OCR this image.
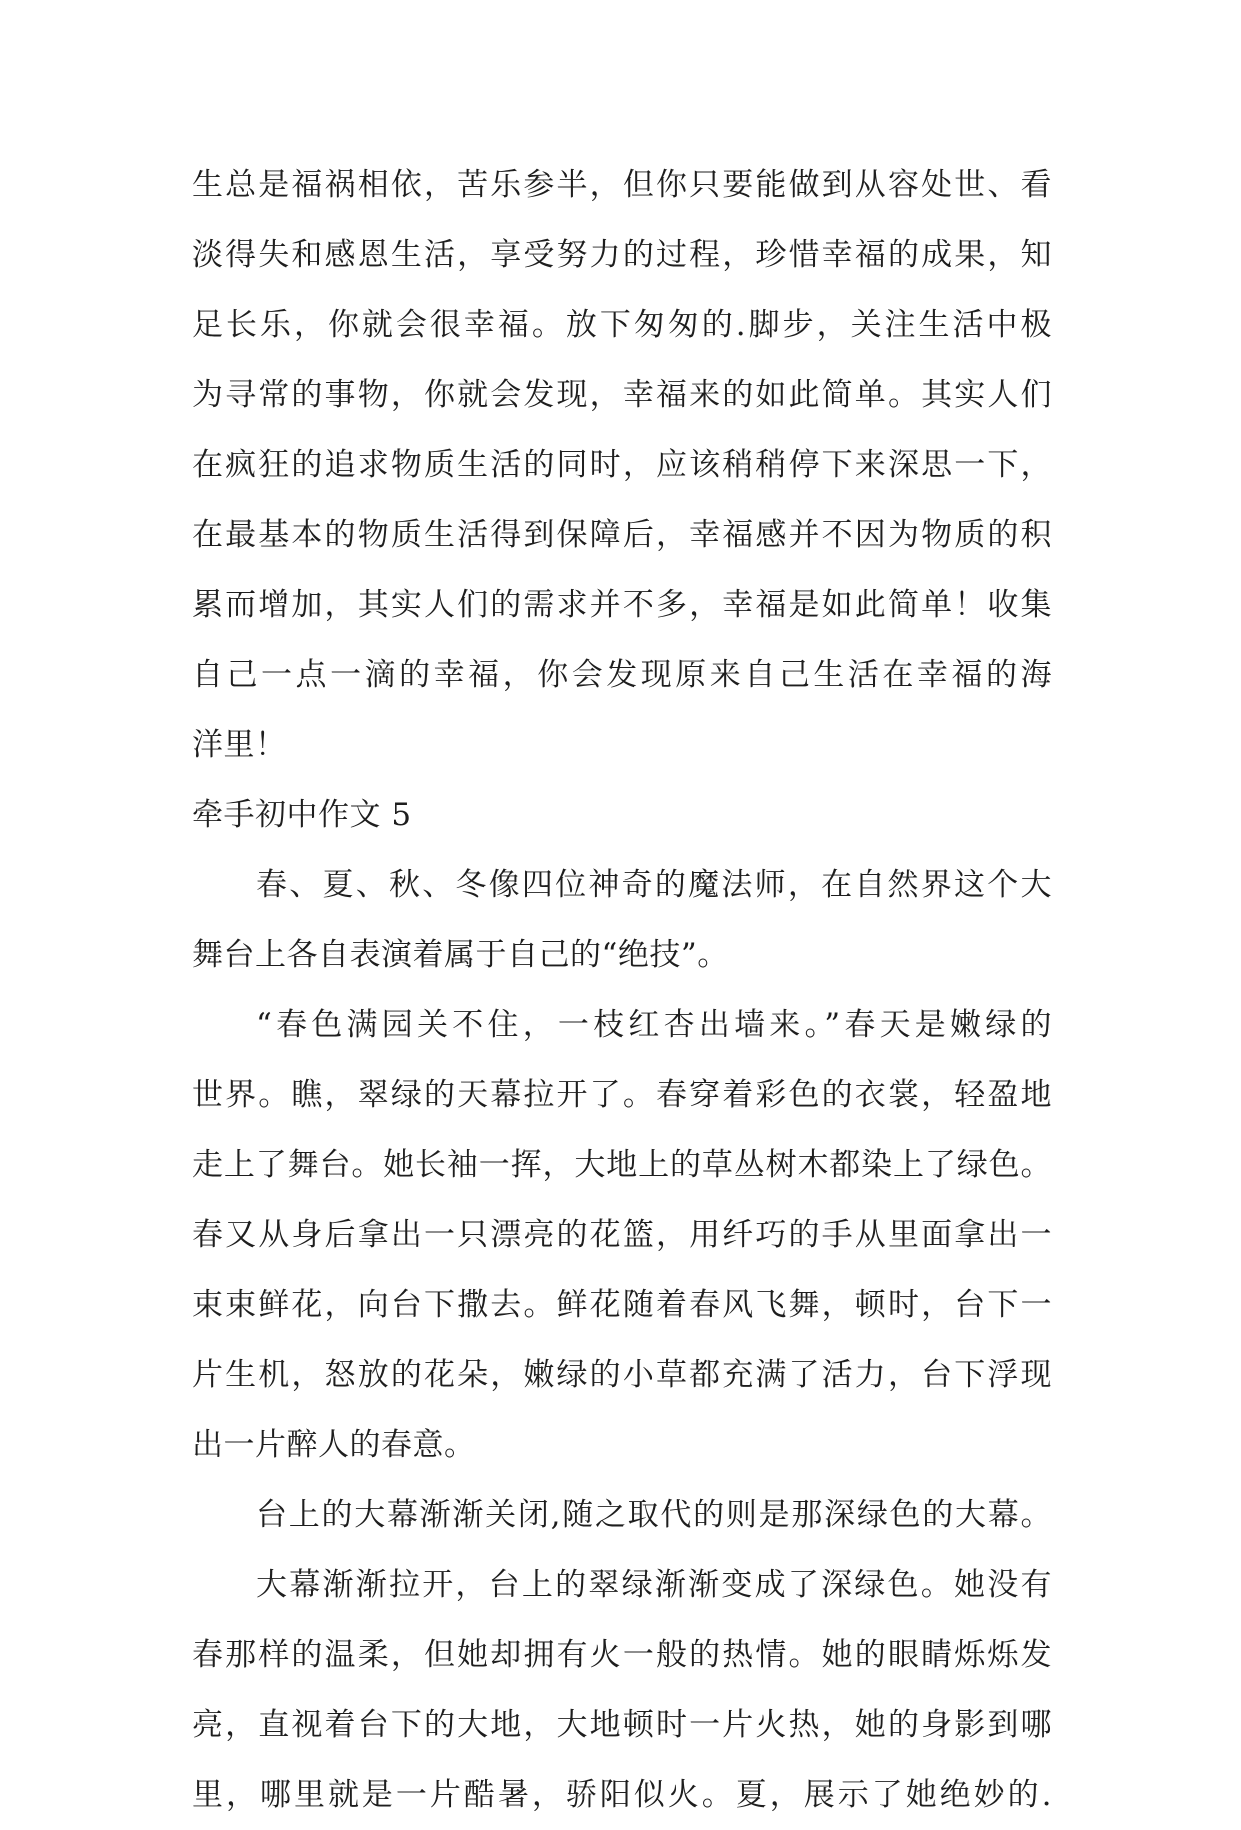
生总是福祸相依，苦乐参半，但你只要能做到从容处世、看
淡得失和感恩生活，享受努力的过程，珍惜幸福的成果，知
足长乐，你就会很幸福。放下匆匆的.脚步，关注生活中极
为寻常的事物，你就会发现，幸福来的如此简单。其实人们
在疯狂的追求物质生活的同时，应该稍稍停下来深思一下，
在最基本的物质生活得到保障后，幸福感并不因为物质的积
累而增加，其实人们的需求并不多，幸福是如此简单！收集
自己一点一滴的幸福，你会发现原来自己生活在幸福的海
洋里！
牵手初中作文 5
春、夏、秋、冬像四位神奇的魔法师，在自然界这个大
舞台上各自表演着属于自己的“绝技”。
“春色满园关不住，一枝红杏出墙来。”春天是嫩绿的
世界。瞧，翠绿的天幕拉开了。春穿着彩色的衣裳，轻盈地
走上了舞台。她长袖一挥，大地上的草丛树木都染上了绿色。
春又从身后拿出一只漂亮的花篮，用纤巧的手从里面拿出一
束束鲜花，向台下撒去。鲜花随着春风飞舞，顿时，台下一
片生机，怒放的花朵，嫩绿的小草都充满了活力，台下浮现
出一片醉人的春意。
台上的大幕渐渐关闭,随之取代的则是那深绿色的大幕。
大幕渐渐拉开，台上的翠绿渐渐变成了深绿色。她没有
春那样的温柔，但她却拥有火一般的热情。她的眼睛烁烁发
亮，直视着台下的大地，大地顿时一片火热，她的身影到哪
里，哪里就是一片酷暑，骄阳似火。夏，展示了她绝妙的.
